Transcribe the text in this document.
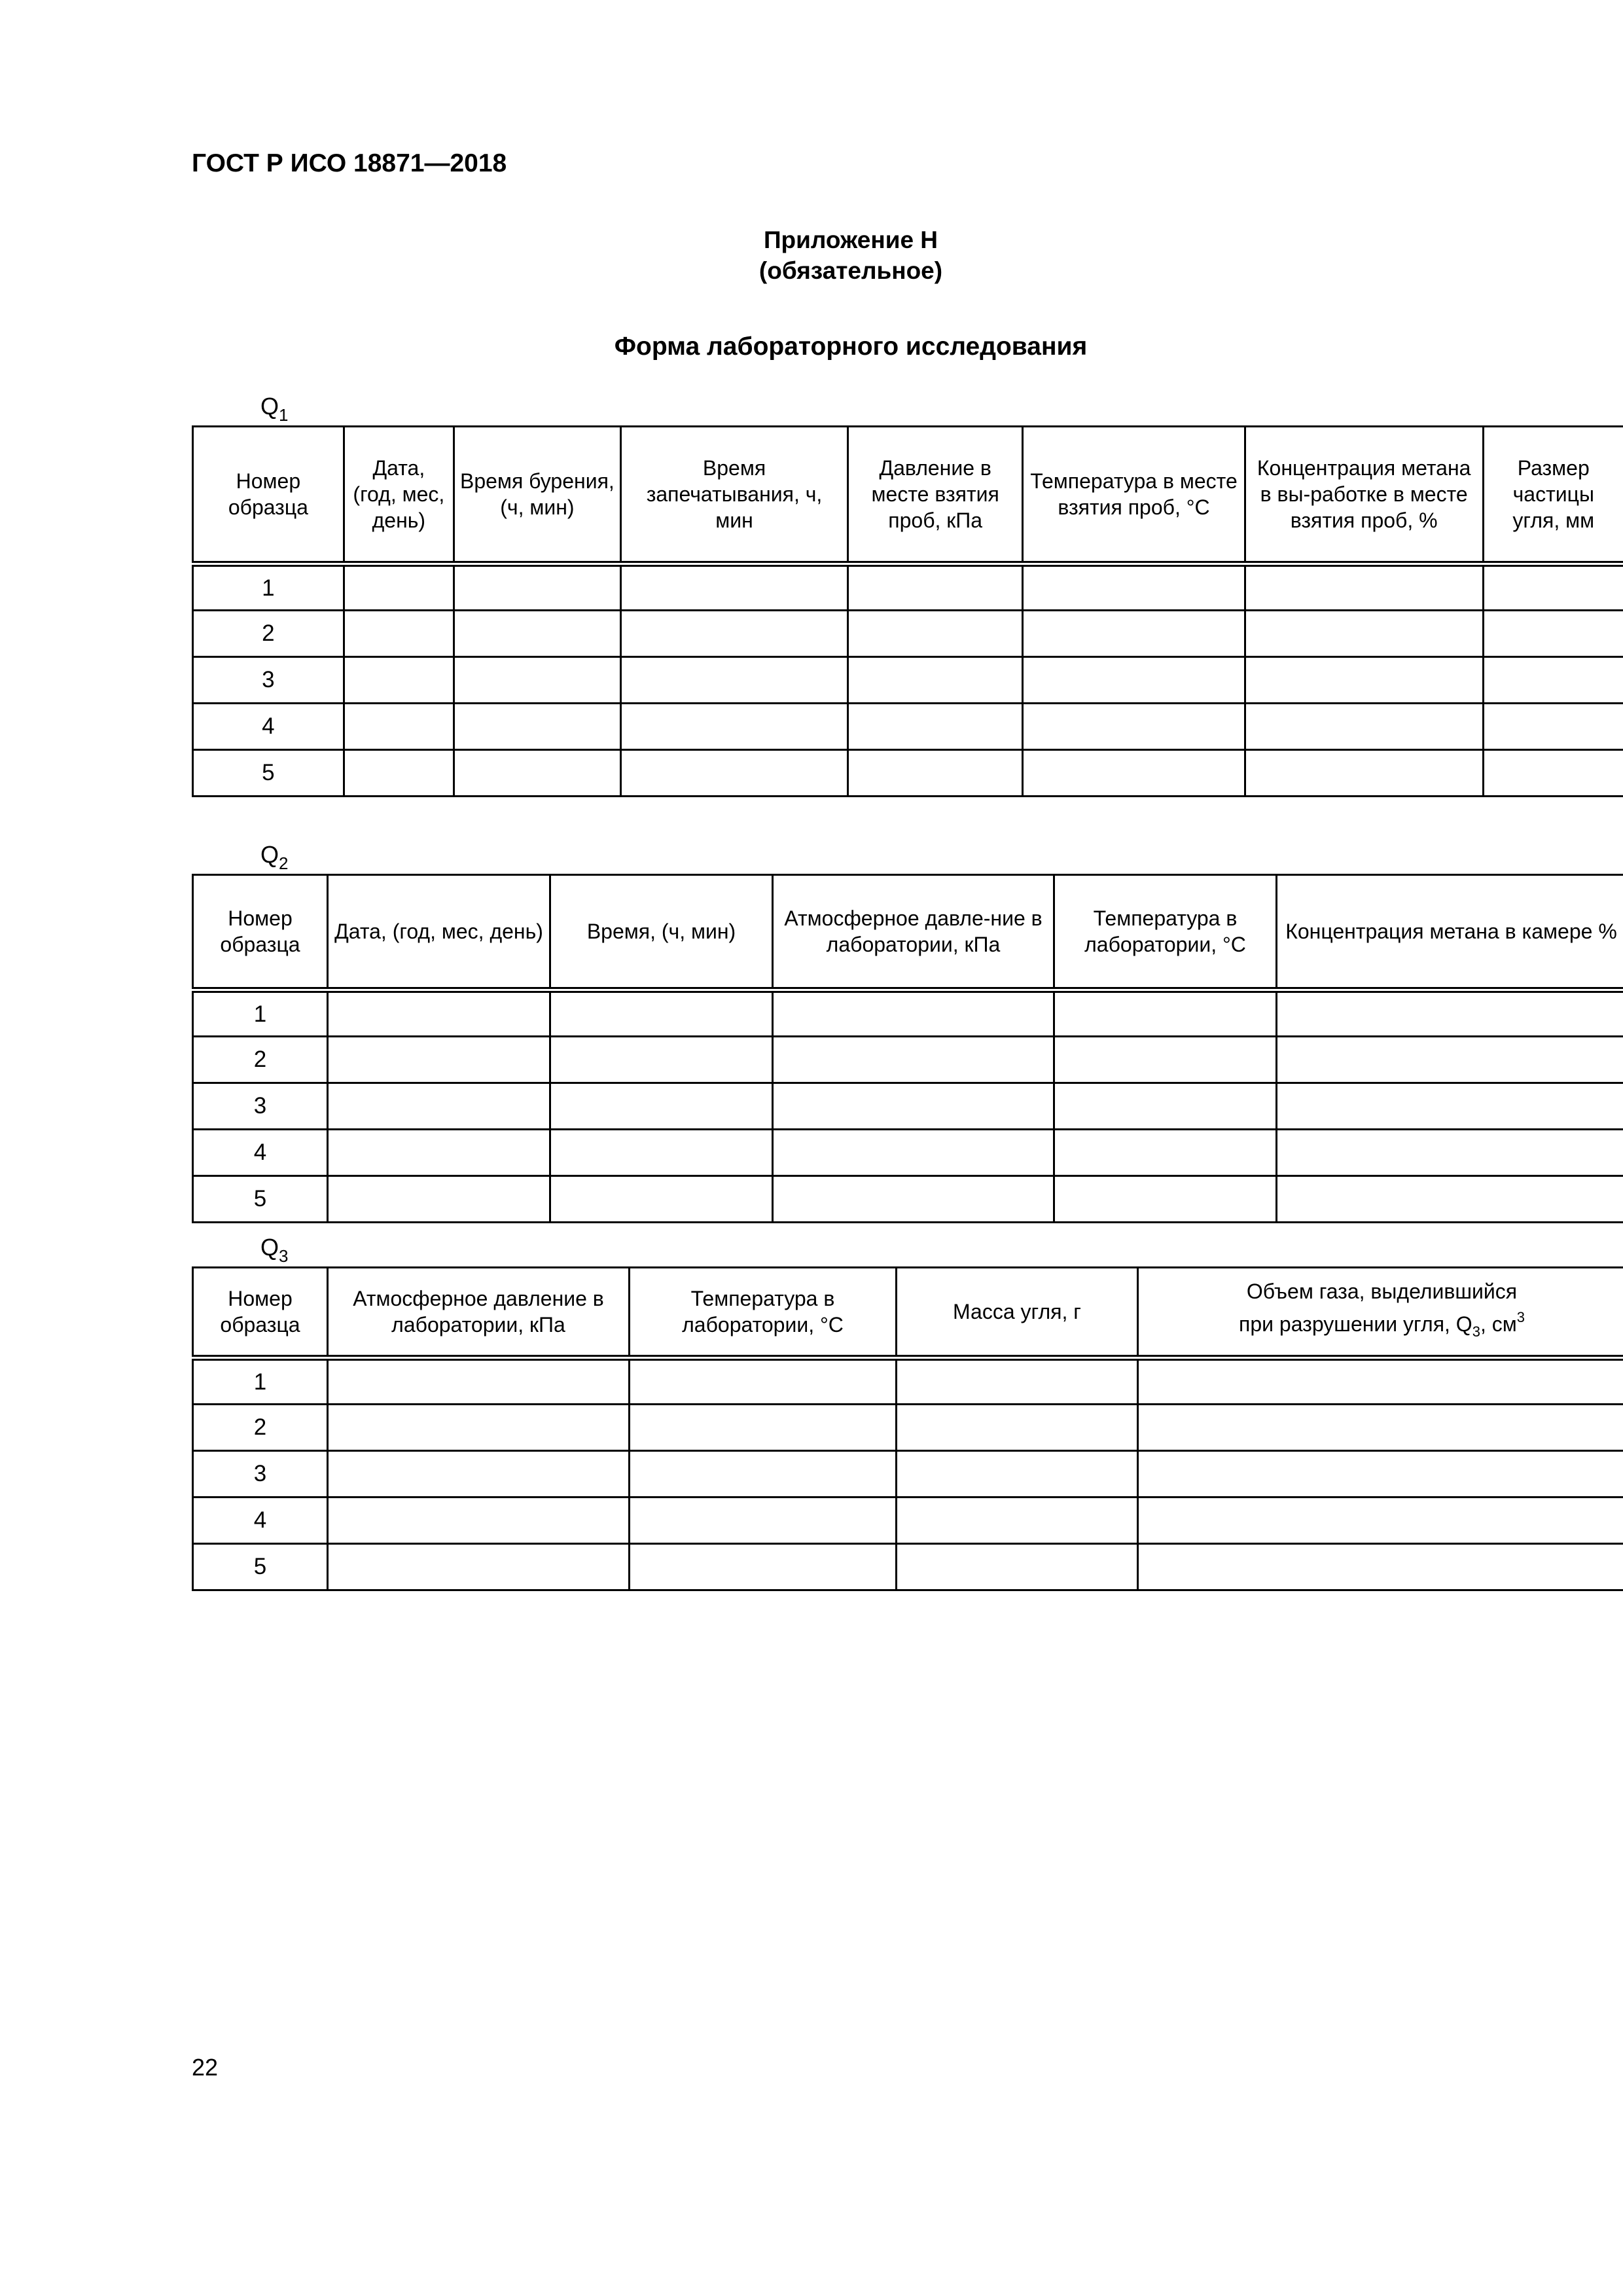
ГОСТ Р ИСО 18871—2018
Приложение Н
(обязательное)
Форма лабораторного исследования
$Q_1$
Номер образца	Дата, (год, мес, день)	Время бурения, (ч, мин)	Время запечатывания, ч, мин	Давление в месте взятия проб, кПа	Температура в месте взятия проб, °С	Концентрация метана в вы-работке в месте взятия проб, %	Размер частицы угля, мм
1							
2							
3							
4							
5							
$Q_2$
Номер образца	Дата, (год, мес, день)	Время, (ч, мин)	Атмосферное давле-ние в лаборатории, кПа	Температура в лаборатории, °С	Концентрация метана в камере %
1					
2					
3					
4					
5					
$Q_3$
Номер образца	Атмосферное давление в лаборатории, кПа	Температура в лаборатории, °С	Масса угля, г	Объем газа, выделившийся
при разрушении угля, $Q_3$, $см^3$
1				
2				
3				
4				
5				
22
